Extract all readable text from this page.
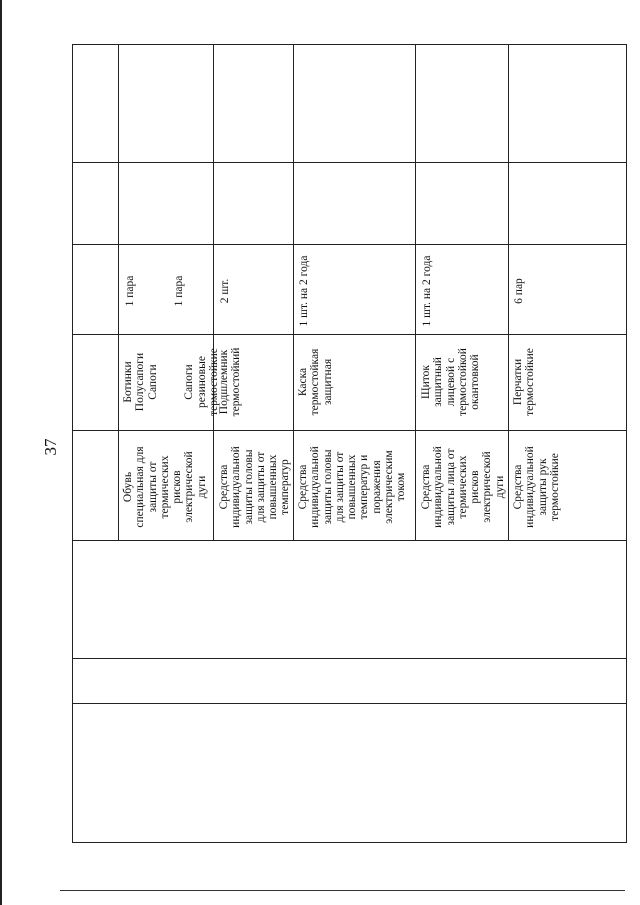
37
Обувь
специальная для
защиты от
термических
рисков
электрической
дуги
Ботинки
Полусапоги
Сапоги

Сапоги
резиновые
термостойкие
1 пара

1 пара
Средства
индивидуальной
защиты головы
для защиты от
повышенных
температур
Подшлемник
термостойкий
2 шт.
Средства
индивидуальной
защиты головы
для защиты от
повышенных
температур и
поражения
электрическим
током
Каска
термостойкая
защитная
1 шт. на 2 года
Средства
индивидуальной
защиты лица от
термических
рисков
электрической
дуги
Щиток
защитный
лицевой с
термостойкой
окантовкой
1 шт. на 2 года
Средства
индивидуальной
защиты рук
термостойкие
Перчатки
термостойкие
6 пар
